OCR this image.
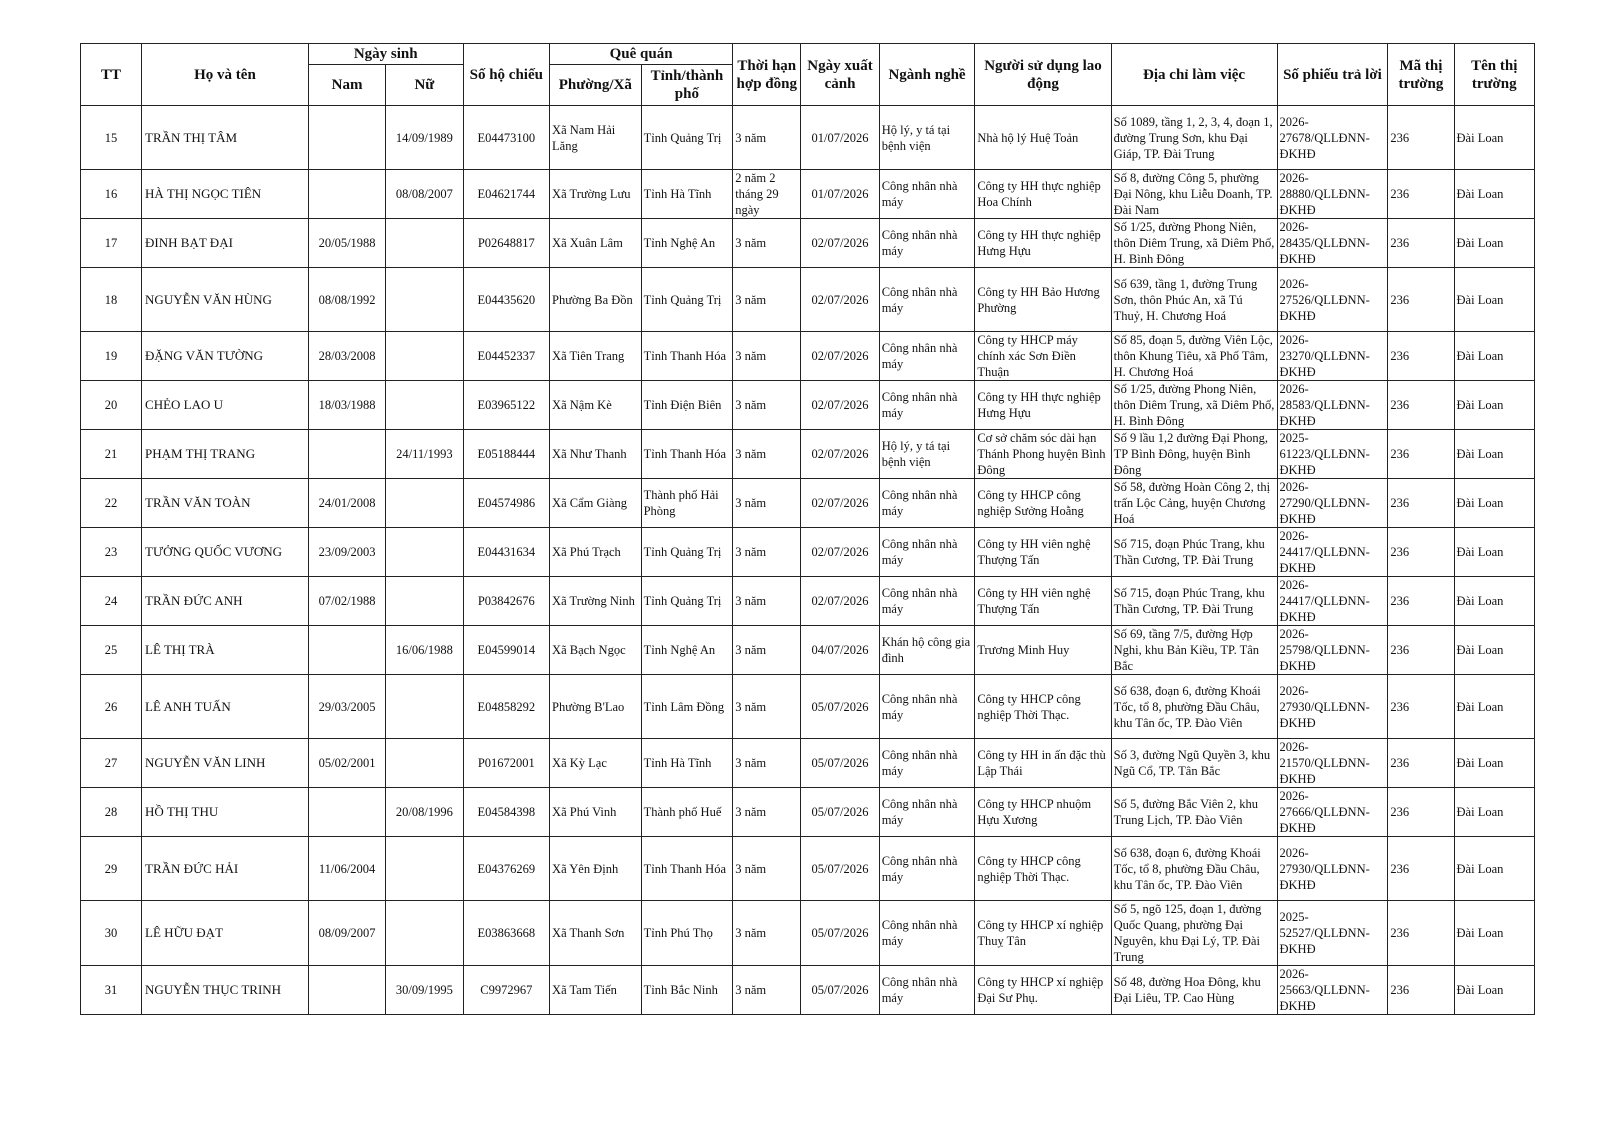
TT	Họ và tên	Ngày sinh		Số hộ chiếu	Quê quán		Thời hạn hợp đồng	Ngày xuất cảnh	Ngành nghề	Người sử dụng lao động	Địa chỉ làm việc	Số phiếu trả lời	Mã thị trường	Tên thị trường
		Nam	Nữ		Phường/Xã	Tỉnh/thành phố								
15	TRẦN THỊ TÂM		14/09/1989	E04473100	Xã Nam Hải Lăng	Tỉnh Quảng Trị	3 năm	01/07/2026	Hộ lý, y tá tại bệnh viện	Nhà hộ lý Huệ Toản	Số 1089, tầng 1, 2, 3, 4, đoạn 1, đường Trung Sơn, khu Đại Giáp, TP. Đài Trung	2026-27678/QLLĐNN-ĐKHĐ	236	Đài Loan
16	HÀ THỊ NGỌC TIÊN		08/08/2007	E04621744	Xã Trường Lưu	Tỉnh Hà Tĩnh	2 năm 2 tháng 29 ngày	01/07/2026	Công nhân nhà máy	Công ty HH thực nghiệp Hoa Chính	Số 8, đường Công 5, phường Đại Nông, khu Liễu Doanh, TP. Đài Nam	2026-28880/QLLĐNN-ĐKHĐ	236	Đài Loan
17	ĐINH BẠT ĐẠI	20/05/1988		P02648817	Xã Xuân Lâm	Tỉnh Nghệ An	3 năm	02/07/2026	Công nhân nhà máy	Công ty HH thực nghiệp Hưng Hựu	Số 1/25, đường Phong Niên, thôn Diêm Trung, xã Diêm Phố, H. Bình Đông	2026-28435/QLLĐNN-ĐKHĐ	236	Đài Loan
18	NGUYỄN VĂN HÙNG	08/08/1992		E04435620	Phường Ba Đồn	Tỉnh Quảng Trị	3 năm	02/07/2026	Công nhân nhà máy	Công ty HH Bảo Hương Phường	Số 639, tầng 1, đường Trung Sơn, thôn Phúc An, xã Tú Thuỷ, H. Chương Hoá	2026-27526/QLLĐNN-ĐKHĐ	236	Đài Loan
19	ĐẶNG VĂN TƯỜNG	28/03/2008		E04452337	Xã Tiên Trang	Tỉnh Thanh Hóa	3 năm	02/07/2026	Công nhân nhà máy	Công ty HHCP máy chính xác Sơn Điền Thuận	Số 85, đoạn 5, đường Viên Lộc, thôn Khung Tiêu, xã Phố Tâm, H. Chương Hoá	2026-23270/QLLĐNN-ĐKHĐ	236	Đài Loan
20	CHẺO LAO U	18/03/1988		E03965122	Xã Nậm Kè	Tỉnh Điện Biên	3 năm	02/07/2026	Công nhân nhà máy	Công ty HH thực nghiệp Hưng Hựu	Số 1/25, đường Phong Niên, thôn Diêm Trung, xã Diêm Phố, H. Bình Đông	2026-28583/QLLĐNN-ĐKHĐ	236	Đài Loan
21	PHẠM THỊ TRANG		24/11/1993	E05188444	Xã Như Thanh	Tỉnh Thanh Hóa	3 năm	02/07/2026	Hộ lý, y tá tại bệnh viện	Cơ sở chăm sóc dài hạn Thánh Phong huyện Bình Đông	Số 9 lầu 1,2 đường Đại Phong, TP Bình Đông, huyện Bình Đông	2025-61223/QLLĐNN-ĐKHĐ	236	Đài Loan
22	TRẦN VĂN TOÀN	24/01/2008		E04574986	Xã Cẩm Giàng	Thành phố Hải Phòng	3 năm	02/07/2026	Công nhân nhà máy	Công ty HHCP công nghiệp Sưởng Hoằng	Số 58, đường Hoàn Công 2, thị trấn Lộc Cảng, huyện Chương Hoá	2026-27290/QLLĐNN-ĐKHĐ	236	Đài Loan
23	TƯỞNG QUỐC VƯƠNG	23/09/2003		E04431634	Xã Phú Trạch	Tỉnh Quảng Trị	3 năm	02/07/2026	Công nhân nhà máy	Công ty HH viên nghệ Thượng Tấn	Số 715, đoạn Phúc Trang, khu Thần Cương, TP. Đài Trung	2026-24417/QLLĐNN-ĐKHĐ	236	Đài Loan
24	TRẦN ĐỨC ANH	07/02/1988		P03842676	Xã Trường Ninh	Tỉnh Quảng Trị	3 năm	02/07/2026	Công nhân nhà máy	Công ty HH viên nghệ Thượng Tấn	Số 715, đoạn Phúc Trang, khu Thần Cương, TP. Đài Trung	2026-24417/QLLĐNN-ĐKHĐ	236	Đài Loan
25	LÊ THỊ TRÀ		16/06/1988	E04599014	Xã Bạch Ngọc	Tỉnh Nghệ An	3 năm	04/07/2026	Khán hộ công gia đình	Trương Minh Huy	Số 69, tầng 7/5, đường Hợp Nghi, khu Bản Kiều, TP. Tân Bắc	2026-25798/QLLĐNN-ĐKHĐ	236	Đài Loan
26	LÊ ANH TUẤN	29/03/2005		E04858292	Phường B'Lao	Tỉnh Lâm Đồng	3 năm	05/07/2026	Công nhân nhà máy	Công ty HHCP công nghiệp Thời Thạc.	Số 638, đoạn 6, đường Khoái Tốc, tổ 8, phường Đầu Châu, khu Tân ốc, TP. Đào Viên	2026-27930/QLLĐNN-ĐKHĐ	236	Đài Loan
27	NGUYỄN VĂN LINH	05/02/2001		P01672001	Xã Kỳ Lạc	Tỉnh Hà Tĩnh	3 năm	05/07/2026	Công nhân nhà máy	Công ty HH in ấn đặc thù Lập Thái	Số 3, đường Ngũ Quyền 3, khu Ngũ Cổ, TP. Tân Bắc	2026-21570/QLLĐNN-ĐKHĐ	236	Đài Loan
28	HỒ THỊ THU		20/08/1996	E04584398	Xã Phú Vinh	Thành phố Huế	3 năm	05/07/2026	Công nhân nhà máy	Công ty HHCP nhuộm Hựu Xương	Số 5, đường Bắc Viên 2, khu Trung Lịch, TP. Đào Viên	2026-27666/QLLĐNN-ĐKHĐ	236	Đài Loan
29	TRẦN ĐỨC HẢI	11/06/2004		E04376269	Xã Yên Định	Tỉnh Thanh Hóa	3 năm	05/07/2026	Công nhân nhà máy	Công ty HHCP công nghiệp Thời Thạc.	Số 638, đoạn 6, đường Khoái Tốc, tổ 8, phường Đầu Châu, khu Tân ốc, TP. Đào Viên	2026-27930/QLLĐNN-ĐKHĐ	236	Đài Loan
30	LÊ HỮU ĐẠT	08/09/2007		E03863668	Xã Thanh Sơn	Tỉnh Phú Thọ	3 năm	05/07/2026	Công nhân nhà máy	Công ty HHCP xí nghiệp Thuỵ Tân	Số 5, ngõ 125, đoạn 1, đường Quốc Quang, phường Đại Nguyên, khu Đại Lý, TP. Đài Trung	2025-52527/QLLĐNN-ĐKHĐ	236	Đài Loan
31	NGUYỄN THỤC TRINH		30/09/1995	C9972967	Xã Tam Tiến	Tỉnh Bắc Ninh	3 năm	05/07/2026	Công nhân nhà máy	Công ty HHCP xí nghiệp Đại Sư Phụ.	Số 48, đường Hoa Đông, khu Đại Liêu, TP. Cao Hùng	2026-25663/QLLĐNN-ĐKHĐ	236	Đài Loan
